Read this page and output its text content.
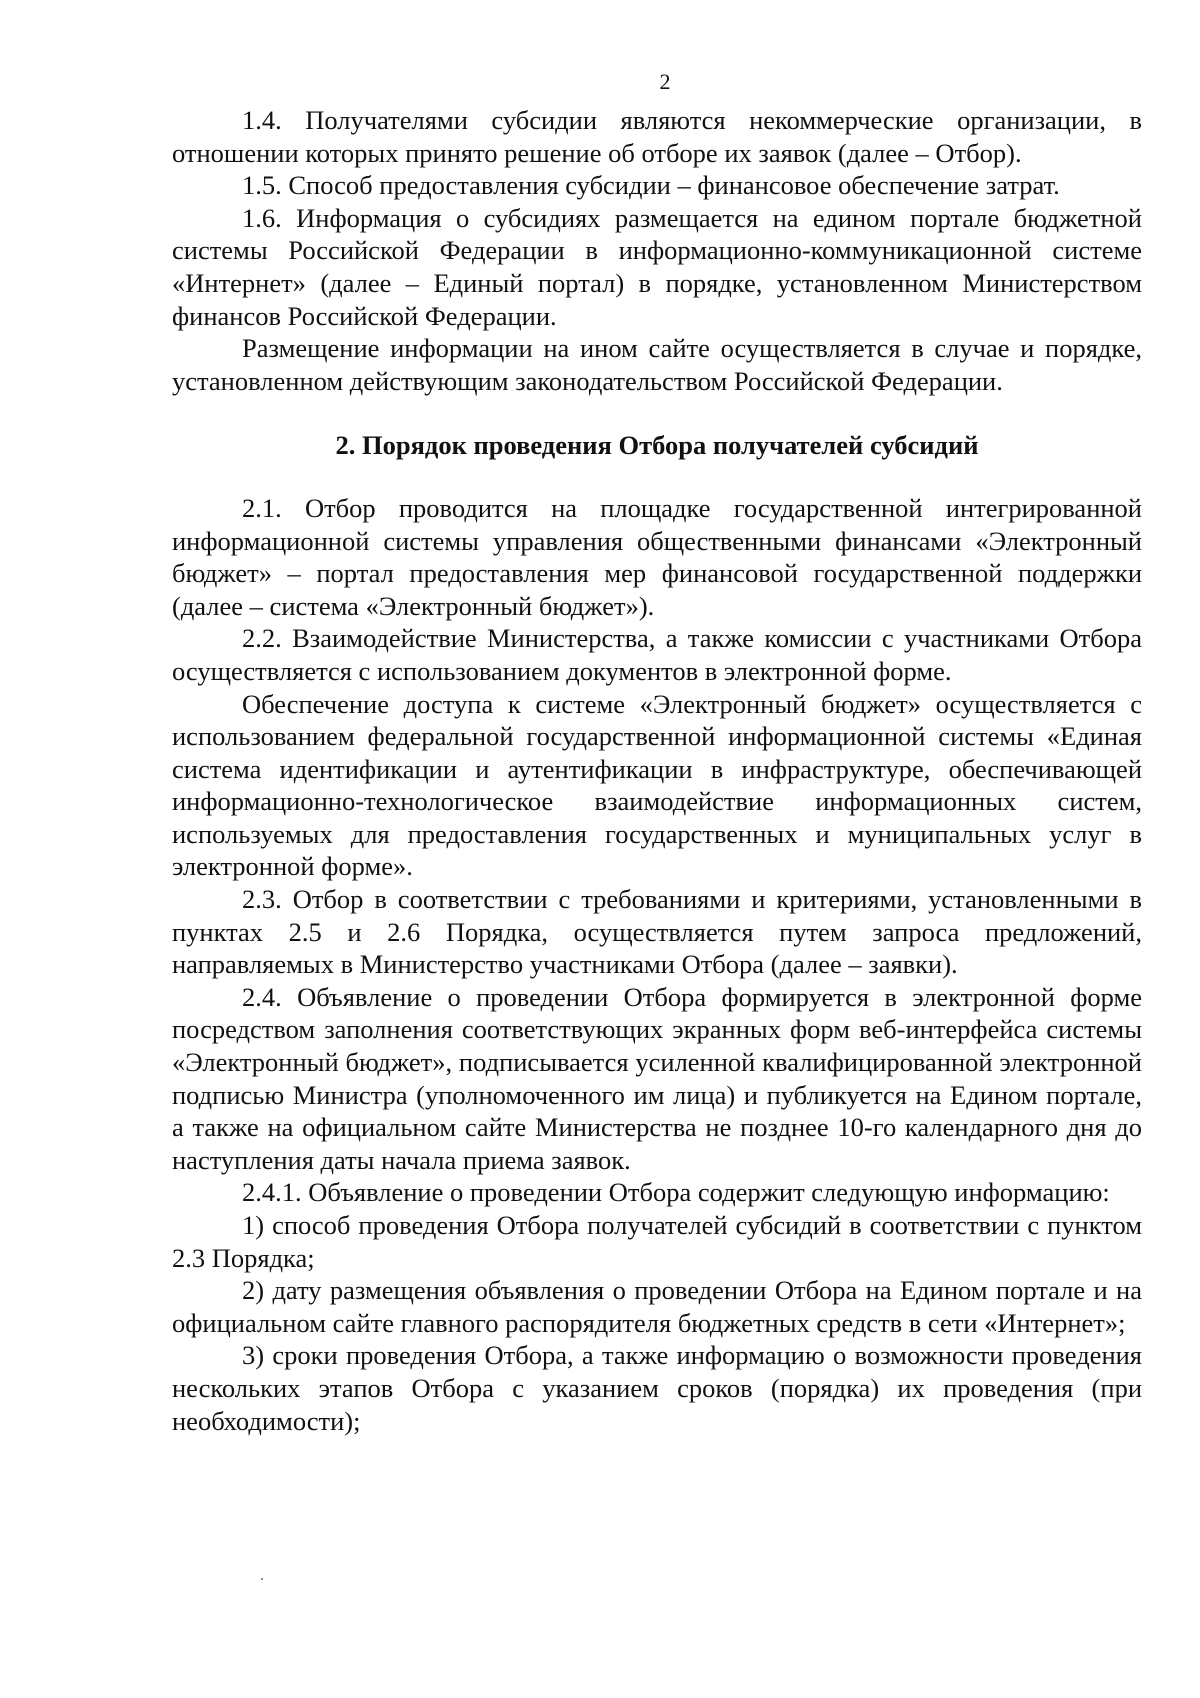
2

1.4. Получателями субсидии являются некоммерческие организации, в отношении которых принято решение об отборе их заявок (далее – Отбор).

1.5. Способ предоставления субсидии – финансовое обеспечение затрат.

1.6. Информация о субсидиях размещается на едином портале бюджетной системы Российской Федерации в информационно-коммуникационной системе «Интернет» (далее – Единый портал) в порядке, установленном Министерством финансов Российской Федерации.

Размещение информации на ином сайте осуществляется в случае и порядке, установленном действующим законодательством Российской Федерации.

2. Порядок проведения Отбора получателей субсидий

2.1. Отбор проводится на площадке государственной интегрированной информационной системы управления общественными финансами «Электронный бюджет» – портал предоставления мер финансовой государственной поддержки (далее – система «Электронный бюджет»).

2.2. Взаимодействие Министерства, а также комиссии с участниками Отбора осуществляется с использованием документов в электронной форме.

Обеспечение доступа к системе «Электронный бюджет» осуществляется с использованием федеральной государственной информационной системы «Единая система идентификации и аутентификации в инфраструктуре, обеспечивающей информационно-технологическое взаимодействие информационных систем, используемых для предоставления государственных и муниципальных услуг в электронной форме».

2.3. Отбор в соответствии с требованиями и критериями, установленными в пунктах 2.5 и 2.6 Порядка, осуществляется путем запроса предложений, направляемых в Министерство участниками Отбора (далее – заявки).

2.4. Объявление о проведении Отбора формируется в электронной форме посредством заполнения соответствующих экранных форм веб-интерфейса системы «Электронный бюджет», подписывается усиленной квалифицированной электронной подписью Министра (уполномоченного им лица) и публикуется на Едином портале, а также на официальном сайте Министерства не позднее 10-го календарного дня до наступления даты начала приема заявок.

2.4.1. Объявление о проведении Отбора содержит следующую информацию:

1) способ проведения Отбора получателей субсидий в соответствии с пунктом 2.3 Порядка;

2) дату размещения объявления о проведении Отбора на Едином портале и на официальном сайте главного распорядителя бюджетных средств в сети «Интернет»;

3) сроки проведения Отбора, а также информацию о возможности проведения нескольких этапов Отбора с указанием сроков (порядка) их проведения (при необходимости);
